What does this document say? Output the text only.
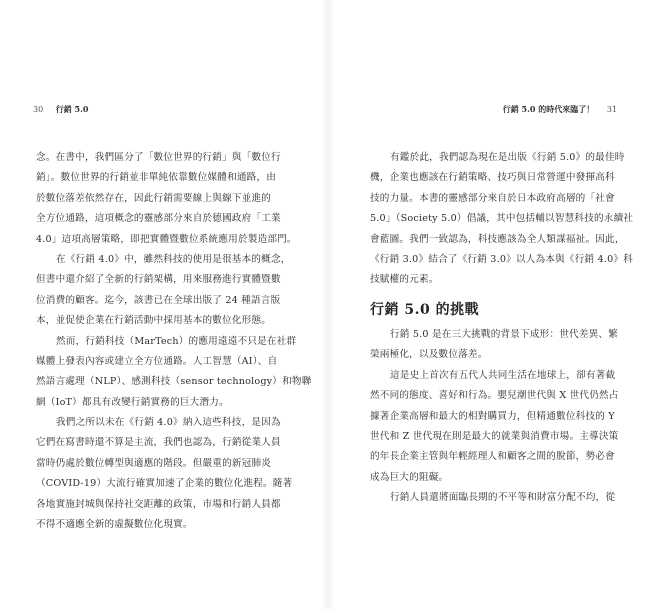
30 行銷 5.0	行銷 5.0 的時代來臨了！ 31
念。在書中，我們區分了「數位世界的行銷」與「數位行
銷」。數位世界的行銷並非單純依靠數位媒體和通路，由
於數位落差依然存在，因此行銷需要線上與線下並進的
全方位通路，這項概念的靈感部分來自於德國政府「工業
4.0」這項高層策略，即把實體暨數位系統應用於製造部門。
在《行銷 4.0》中，雖然科技的使用是很基本的概念，
但書中還介紹了全新的行銷架構，用來服務進行實體暨數
位消費的顧客。迄今，該書已在全球出版了 24 種語言版
本，並促使企業在行銷活動中採用基本的數位化形態。
然而，行銷科技（MarTech）的應用遠遠不只是在社群
媒體上發表內容或建立全方位通路。人工智慧（AI）、自
然語言處理（NLP）、感測科技（sensor technology）和物聯
網（IoT）都具有改變行銷實務的巨大潛力。
我們之所以未在《行銷 4.0》納入這些科技，是因為
它們在寫書時還不算是主流，我們也認為，行銷從業人員
當時仍處於數位轉型與適應的階段。但嚴重的新冠肺炎
（COVID-19）大流行確實加速了企業的數位化進程。隨著
各地實施封城與保持社交距離的政策，市場和行銷人員都
不得不適應全新的虛擬數位化現實。
有鑑於此，我們認為現在是出版《行銷 5.0》的最佳時
機，企業也應該在行銷策略、技巧與日常營運中發揮高科
技的力量。本書的靈感部分來自於日本政府高層的「社會
5.0」（Society 5.0）倡議，其中包括輔以智慧科技的永續社
會藍圖。我們一致認為，科技應該為全人類謀福祉。因此，
《行銷 3.0》結合了《行銷 3.0》以人為本與《行銷 4.0》科
技賦權的元素。
行銷 5.0 的挑戰
行銷 5.0 是在三大挑戰的背景下成形：世代差異、繁
榮兩極化，以及數位落差。
這是史上首次有五代人共同生活在地球上，卻有著截
然不同的態度、喜好和行為。嬰兒潮世代與 X 世代仍然占
據著企業高層和最大的相對購買力，但精通數位科技的 Y
世代和 Z 世代現在則是最大的就業與消費市場。主導決策
的年長企業主管與年輕經理人和顧客之間的脫節，勢必會
成為巨大的阻礙。
行銷人員還將面臨長期的不平等和財富分配不均，從
